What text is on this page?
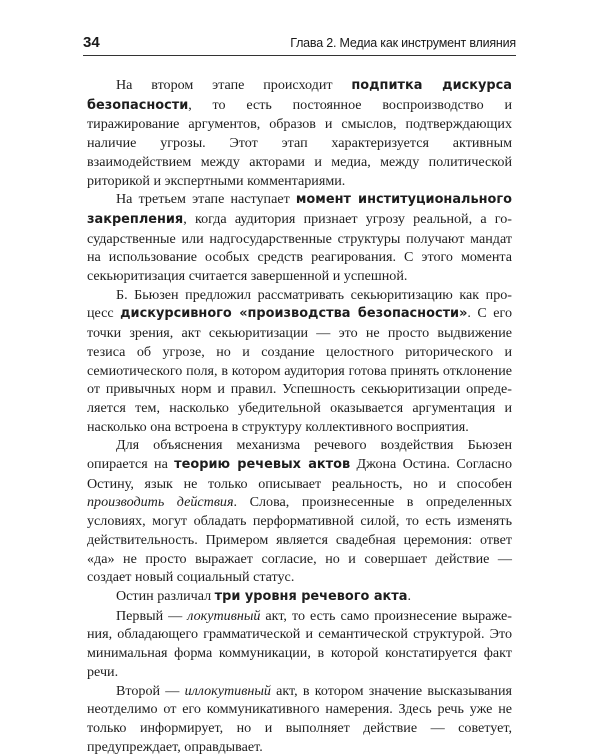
34	Глава 2. Медиа как инструмент влияния

На втором этапе происходит подпитка дискурса безопасности, то есть постоянное воспроизводство и тиражирование аргументов, образов и смыслов, подтверждающих наличие угрозы. Этот этап характеризуется активным взаимодействием между акторами и медиа, между политической риторикой и экспертными комментариями.

На третьем этапе наступает момент институционального закрепления, когда аудитория признает угрозу реальной, а государственные или надгосударственные структуры получают мандат на использование особых средств реагирования. С этого момента секьюритизация считается завершенной и успешной.

Б. Бьюзен предложил рассматривать секьюритизацию как процесс дискурсивного «производства безопасности». С его точки зрения, акт секьюритизации — это не просто выдвижение тезиса об угрозе, но и создание целостного риторического и семиотического поля, в котором аудитория готова принять отклонение от привычных норм и правил. Успешность секьюритизации определяется тем, насколько убедительной оказывается аргументация и насколько она встроена в структуру коллективного восприятия.

Для объяснения механизма речевого воздействия Бьюзен опирается на теорию речевых актов Джона Остина. Согласно Остину, язык не только описывает реальность, но и способен производить действия. Слова, произнесенные в определенных условиях, могут обладать перформативной силой, то есть изменять действительность. Примером является свадебная церемония: ответ «да» не просто выражает согласие, но и совершает действие — создает новый социальный статус.

Остин различал три уровня речевого акта.

Первый — локутивный акт, то есть само произнесение выражения, обладающего грамматической и семантической структурой. Это минимальная форма коммуникации, в которой констатируется факт речи.

Второй — иллокутивный акт, в котором значение высказывания неотделимо от его коммуникативного намерения. Здесь речь уже не только информирует, но и выполняет действие — советует, предупреждает, оправдывает.
